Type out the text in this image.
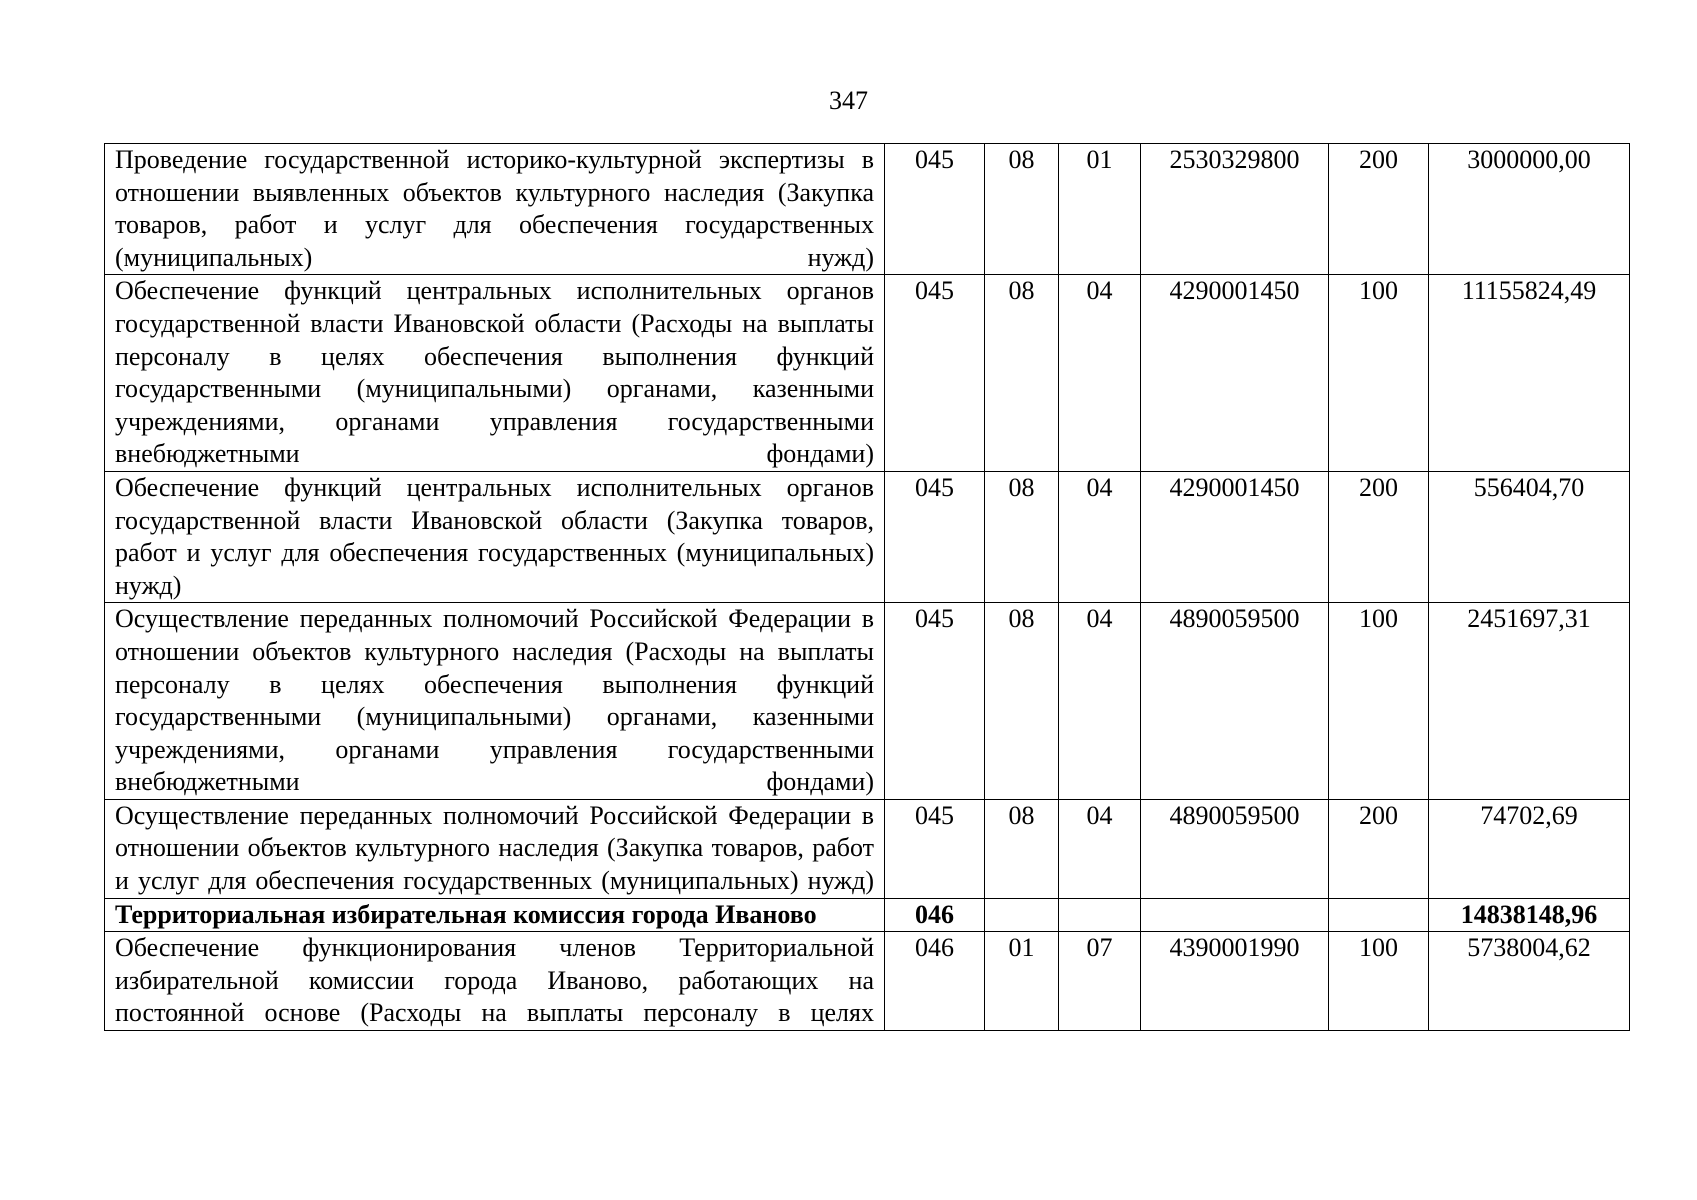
347
Проведение государственной историко-культурной экспертизы в отношении выявленных объектов культурного наследия (Закупка товаров, работ и услуг для обеспечения государственных (муниципальных) нужд)	045	08	01	2530329800	200	3000000,00
Обеспечение функций центральных исполнительных органов государственной власти Ивановской области (Расходы на выплаты персоналу в целях обеспечения выполнения функций государственными (муниципальными) органами, казенными учреждениями, органами управления государственными внебюджетными фондами)	045	08	04	4290001450	100	11155824,49
Обеспечение функций центральных исполнительных органов государственной власти Ивановской области (Закупка товаров, работ и услуг для обеспечения государственных (муниципальных) нужд)	045	08	04	4290001450	200	556404,70
Осуществление переданных полномочий Российской Федерации в отношении объектов культурного наследия (Расходы на выплаты персоналу в целях обеспечения выполнения функций государственными (муниципальными) органами, казенными учреждениями, органами управления государственными внебюджетными фондами)	045	08	04	4890059500	100	2451697,31
Осуществление переданных полномочий Российской Федерации в отношении объектов культурного наследия (Закупка товаров, работ и услуг для обеспечения государственных (муниципальных) нужд)	045	08	04	4890059500	200	74702,69
Территориальная избирательная комиссия города Иваново	046					14838148,96
Обеспечение функционирования членов Территориальной избирательной комиссии города Иваново, работающих на постоянной основе (Расходы на выплаты персоналу в целях	046	01	07	4390001990	100	5738004,62
